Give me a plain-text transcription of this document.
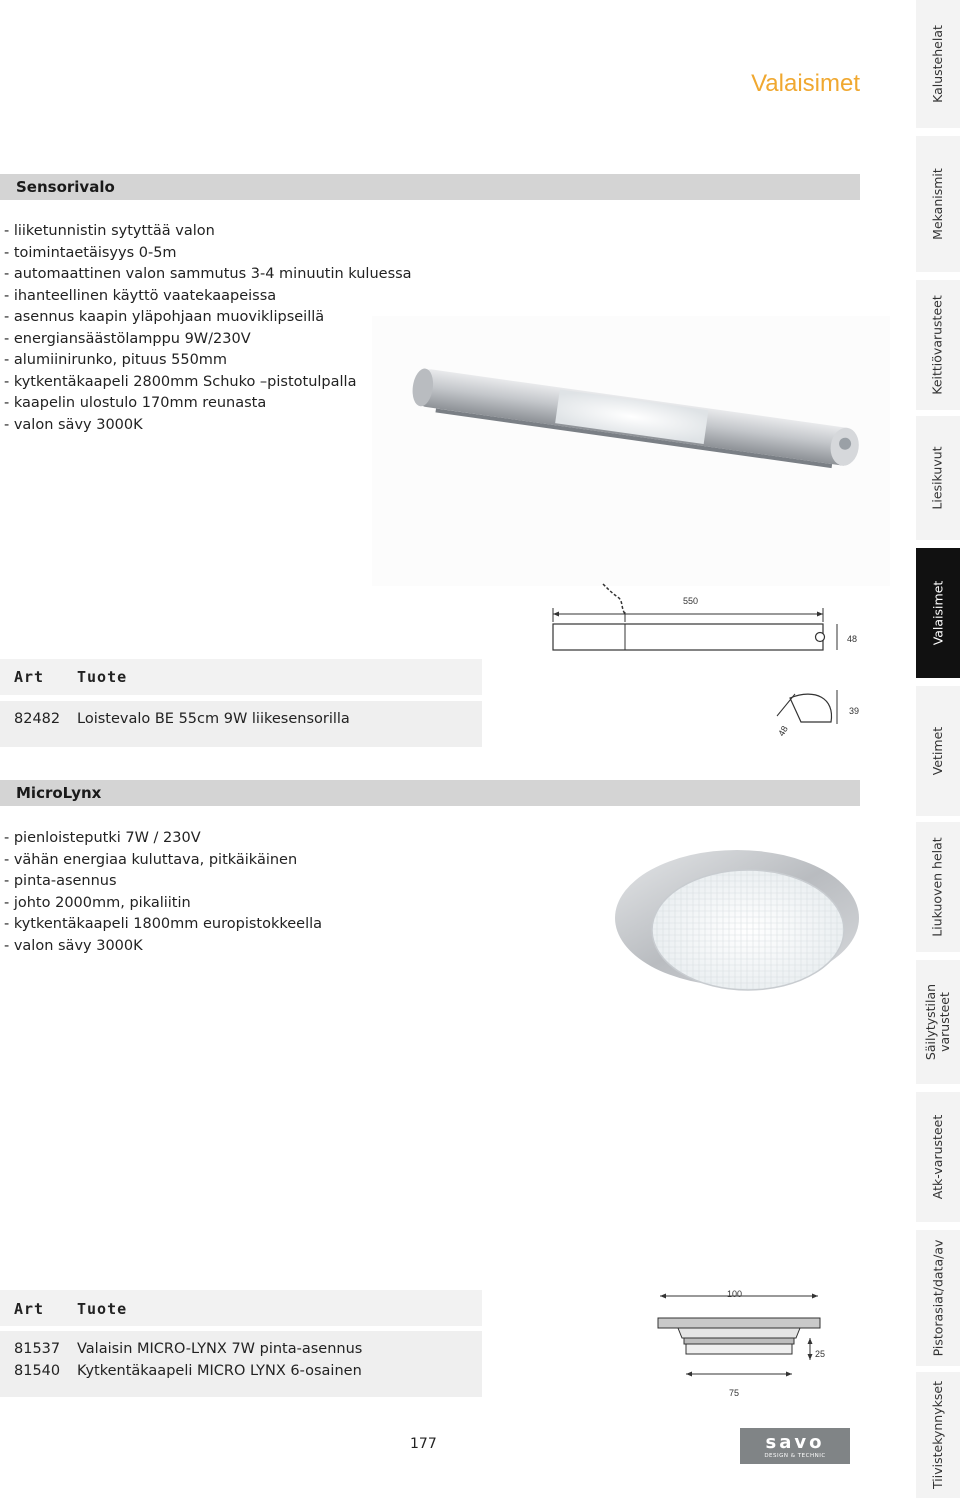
Valaisimet
Sensorivalo
- liiketunnistin sytyttää valon
- toimintaetäisyys 0-5m
- automaattinen valon sammutus 3-4 minuutin kuluessa
- ihanteellinen käyttö vaatekaapeissa
- asennus kaapin yläpohjaan muoviklipseillä
- energiansäästölamppu 9W/230V
- alumiinirunko, pituus 550mm
- kytkentäkaapeli 2800mm Schuko –pistotulpalla
- kaapelin ulostulo 170mm reunasta
- valon sävy 3000K
550
48
48
39
Art Tuote
82482 Loistevalo BE 55cm 9W liikesensorilla
MicroLynx
- pienloisteputki 7W / 230V
- vähän energiaa kuluttava, pitkäikäinen
- pinta-asennus
- johto 2000mm, pikaliitin
- kytkentäkaapeli 1800mm europistokkeella
- valon sävy 3000K
100
25
75
Art Tuote
81537 Valaisin MICRO-LYNX 7W pinta-asennus
81540 Kytkentäkaapeli MICRO LYNX 6-osainen
177	savo
DESIGN & TECHNIC
Kalustehelat
Mekanismit
Keittiövarusteet
Liesikuvut
Valaisimet
Vetimet
Liukuoven helat
Säilytystilan varusteet
Atk-varusteet
Pistorasiat/data/av
Tiivistekynnykset
